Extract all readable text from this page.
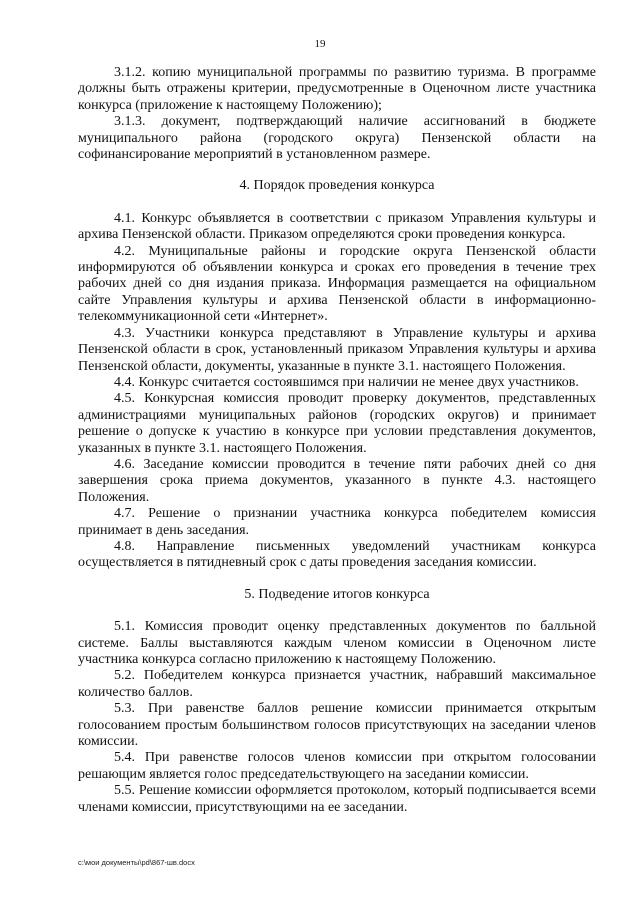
19

3.1.2. копию муниципальной программы по развитию туризма. В программе должны быть отражены критерии, предусмотренные в Оценочном листе участника конкурса (приложение к настоящему Положению);

3.1.3. документ, подтверждающий наличие ассигнований в бюджете муниципального района (городского округа) Пензенской области на софинансирование мероприятий в установленном размере.

4. Порядок проведения конкурса

4.1. Конкурс объявляется в соответствии с приказом Управления культуры и архива Пензенской области. Приказом определяются сроки проведения конкурса.

4.2. Муниципальные районы и городские округа Пензенской области информируются об объявлении конкурса и сроках его проведения в течение трех рабочих дней со дня издания приказа. Информация размещается на официальном сайте Управления культуры и архива Пензенской области в информационно-телекоммуникационной сети «Интернет».

4.3. Участники конкурса представляют в Управление культуры и архива Пензенской области в срок, установленный приказом Управления культуры и архива Пензенской области, документы, указанные в пункте 3.1. настоящего Положения.

4.4. Конкурс считается состоявшимся при наличии не менее двух участников.

4.5. Конкурсная комиссия проводит проверку документов, представленных администрациями муниципальных районов (городских округов) и принимает решение о допуске к участию в конкурсе при условии представления документов, указанных в пункте 3.1. настоящего Положения.

4.6. Заседание комиссии проводится в течение пяти рабочих дней со дня завершения срока приема документов, указанного в пункте 4.3. настоящего Положения.

4.7. Решение о признании участника конкурса победителем комиссия принимает в день заседания.

4.8. Направление письменных уведомлений участникам конкурса осуществляется в пятидневный срок с даты проведения заседания комиссии.

5. Подведение итогов конкурса

5.1. Комиссия проводит оценку представленных документов по балльной системе. Баллы выставляются каждым членом комиссии в Оценочном листе участника конкурса согласно приложению к настоящему Положению.

5.2. Победителем конкурса признается участник, набравший максимальное количество баллов.

5.3. При равенстве баллов решение комиссии принимается открытым голосованием простым большинством голосов присутствующих на заседании членов комиссии.

5.4. При равенстве голосов членов комиссии при открытом голосовании решающим является голос председательствующего на заседании комиссии.

5.5. Решение комиссии оформляется протоколом, который подписывается всеми членами комиссии, присутствующими на ее заседании.

c:\мои документы\pd\867-шв.docx
